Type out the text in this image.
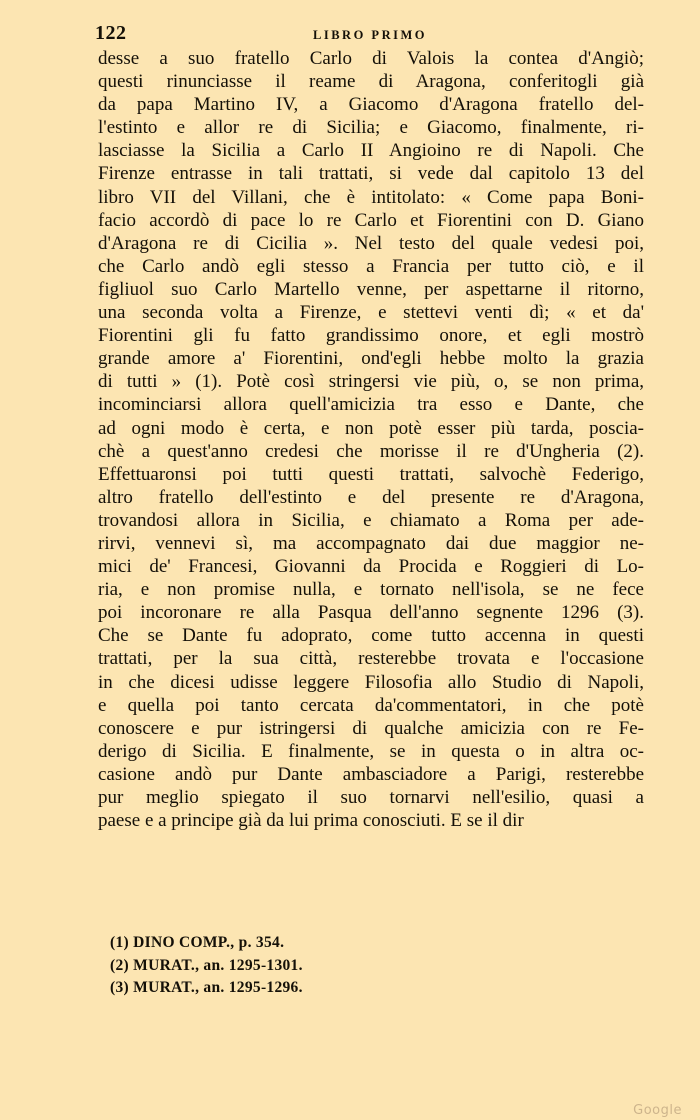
122	LIBRO PRIMO
desse a suo fratello Carlo di Valois la contea d'Angiò;
questi rinunciasse il reame di Aragona, conferitogli già
da papa Martino IV, a Giacomo d'Aragona fratello del-
l'estinto e allor re di Sicilia; e Giacomo, finalmente, ri-
lasciasse la Sicilia a Carlo II Angioino re di Napoli. Che
Firenze entrasse in tali trattati, si vede dal capitolo 13 del
libro VII del Villani, che è intitolato: « Come papa Boni-
facio accordò di pace lo re Carlo et Fiorentini con D. Giano
d'Aragona re di Cicilia ». Nel testo del quale vedesi poi,
che Carlo andò egli stesso a Francia per tutto ciò, e il
figliuol suo Carlo Martello venne, per aspettarne il ritorno,
una seconda volta a Firenze, e stettevi venti dì; « et da'
Fiorentini gli fu fatto grandissimo onore, et egli mostrò
grande amore a' Fiorentini, ond'egli hebbe molto la grazia
di tutti » (1). Potè così stringersi vie più, o, se non prima,
incominciarsi allora quell'amicizia tra esso e Dante, che
ad ogni modo è certa, e non potè esser più tarda, poscia-
chè a quest'anno credesi che morisse il re d'Ungheria (2).
Effettuaronsi poi tutti questi trattati, salvochè Federigo,
altro fratello dell'estinto e del presente re d'Aragona,
trovandosi allora in Sicilia, e chiamato a Roma per ade-
rirvi, vennevi sì, ma accompagnato dai due maggior ne-
mici de' Francesi, Giovanni da Procida e Roggieri di Lo-
ria, e non promise nulla, e tornato nell'isola, se ne fece
poi incoronare re alla Pasqua dell'anno segnente 1296 (3).
Che se Dante fu adoprato, come tutto accenna in questi
trattati, per la sua città, resterebbe trovata e l'occasione
in che dicesi udisse leggere Filosofia allo Studio di Napoli,
e quella poi tanto cercata da'commentatori, in che potè
conoscere e pur istringersi di qualche amicizia con re Fe-
derigo di Sicilia. E finalmente, se in questa o in altra oc-
casione andò pur Dante ambasciadore a Parigi, resterebbe
pur meglio spiegato il suo tornarvi nell'esilio, quasi a
paese e a principe già da lui prima conosciuti. E se il dir
(1) DINO COMP., p. 354.
(2) MURAT., an. 1295-1301.
(3) MURAT., an. 1295-1296.
Google
